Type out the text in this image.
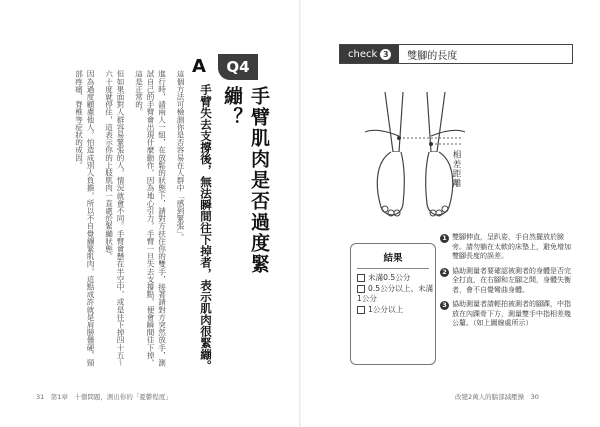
Q4
手臂肌肉是否過度緊繃？
A
手臂失去支撐後，無法瞬間往下掉者，表示肌肉很緊繃。

這個方法可檢測你是否容易在人群中「感到緊張」。

進行時，請兩人一組，在放鬆的狀態下，請對方扶住你的雙手，接著請對方突然放手，測試自己的手臂會出現什麼動作，因為地心引力，手臂一旦失去支撐點，便會瞬間往下掉，這是正常的。

但如果面對人群容易緊張的人，情況就會不同。手臂會懸在半空中，或是往下掉四十五～六十度就停住，這表示你的上肢肌肉一直處於緊繃狀態。

因為過度顧慮他人，怕造成別人負擔，所以不自覺繃緊肌肉，這點成許就是肩膀僵硬、頸部疼痛、脊椎等症狀的成因。

31　第1章　十個問題，測出你的「憂鬱程度」
check 3	雙腳的長度
相差距離
結果
未滿0.5公分
0.5公分以上、未滿1公分
1公分以上
1 雙腳伸直，呈趴姿，手自然擺放於臉旁。請勿躺在太軟的床墊上，避免增加雙腳長度的誤差。
2 協助測量者要確認被測者的身體是否完全打直，在右腳和左腳之間，身體失衡者，會不自覺彎曲身體。
3 協助測量者請輕拍被測者的腳踝，中指放在內踝骨下方，測量雙手中指相差幾公釐。（如上圖線處所示）
改變2萬人的腦部減壓操　30
